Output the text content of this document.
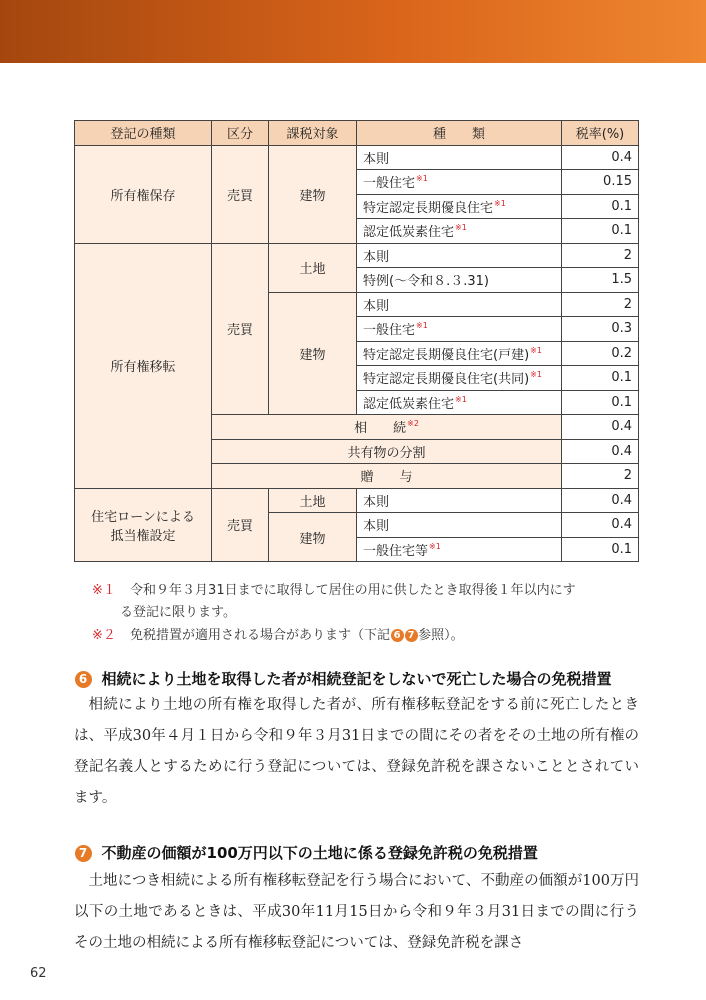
登記の種類	区分	課税対象	種　　類	税率(%)
所有権保存	売買	建物	本則	0.4
			一般住宅$^{※1}$	0.15
			特定認定長期優良住宅$^{※1}$	0.1
			認定低炭素住宅$^{※1}$	0.1
所有権移転	売買	土地	本則	2
			特例(～令和８.３.31)	1.5
		建物	本則	2
			一般住宅$^{※1}$	0.3
			特定認定長期優良住宅(戸建)$^{※1}$	0.2
			特定認定長期優良住宅(共同)$^{※1}$	0.1
			認定低炭素住宅$^{※1}$	0.1
	相　　続$^{※2}$			0.4
	共有物の分割			0.4
	贈　　与			2
住宅ローンによる
抵当権設定	売買	土地	本則	0.4
		建物	本則	0.4
			一般住宅等$^{※1}$	0.1
※１ 令和９年３月31日までに取得して居住の用に供したとき取得後１年以内にす
る登記に限ります。
※２ 免税措置が適用される場合があります（下記 6 7 参照）。
6 相続により土地を取得した者が相続登記をしないで死亡した場合の免税措置
相続により土地の所有権を取得した者が、所有権移転登記をする前に死亡したときは、平成30年４月１日から令和９年３月31日までの間にその者をその土地の所有権の登記名義人とするために行う登記については、登録免許税を課さないこととされています。
7 不動産の価額が100万円以下の土地に係る登録免許税の免税措置
土地につき相続による所有権移転登記を行う場合において、不動産の価額が100万円以下の土地であるときは、平成30年11月15日から令和９年３月31日までの間に行うその土地の相続による所有権移転登記については、登録免許税を課さ
62
